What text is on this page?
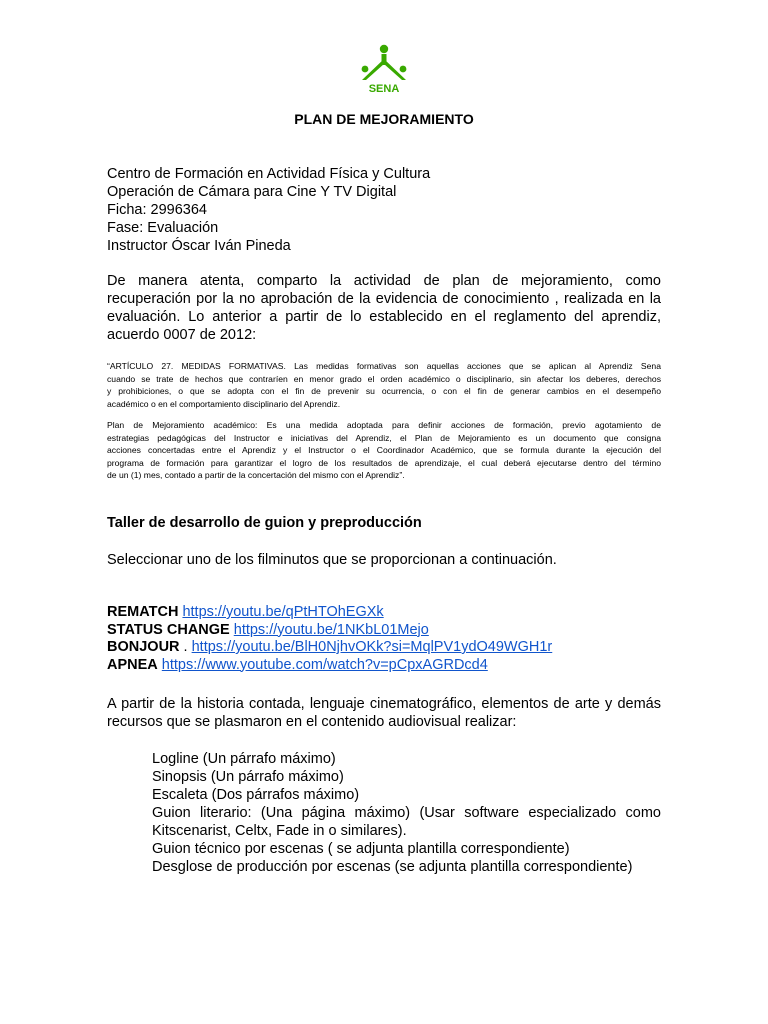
SENA
PLAN DE MEJORAMIENTO
Centro de Formación en Actividad Física y Cultura
Operación de Cámara para Cine Y TV Digital
Ficha: 2996364
Fase: Evaluación
Instructor Óscar Iván Pineda
De manera atenta, comparto la actividad de plan de mejoramiento, como
recuperación por la no aprobación de la evidencia de conocimiento , realizada en la
evaluación. Lo anterior a partir de lo establecido en el reglamento del aprendiz,
acuerdo 0007 de 2012:
“ARTÍCULO 27. MEDIDAS FORMATIVAS. Las medidas formativas son aquellas acciones que se aplican al Aprendiz Sena
cuando se trate de hechos que contraríen en menor grado el orden académico o disciplinario, sin afectar los deberes, derechos
y prohibiciones, o que se adopta con el fin de prevenir su ocurrencia, o con el fin de generar cambios en el desempeño
académico o en el comportamiento disciplinario del Aprendiz.
Plan de Mejoramiento académico: Es una medida adoptada para definir acciones de formación, previo agotamiento de
estrategias pedagógicas del Instructor e iniciativas del Aprendiz, el Plan de Mejoramiento es un documento que consigna
acciones concertadas entre el Aprendiz y el Instructor o el Coordinador Académico, que se formula durante la ejecución del
programa de formación para garantizar el logro de los resultados de aprendizaje, el cual deberá ejecutarse dentro del término
de un (1) mes, contado a partir de la concertación del mismo con el Aprendiz”.
Taller de desarrollo de guion y preproducción
Seleccionar uno de los filminutos que se proporcionan a continuación.
REMATCH https://youtu.be/qPtHTOhEGXk
STATUS CHANGE https://youtu.be/1NKbL01Mejo
BONJOUR . https://youtu.be/BlH0NjhvOKk?si=MqlPV1ydO49WGH1r
APNEA https://www.youtube.com/watch?v=pCpxAGRDcd4
A partir de la historia contada, lenguaje cinematográfico, elementos de arte y demás
recursos que se plasmaron en el contenido audiovisual realizar:
Logline (Un párrafo máximo)
Sinopsis (Un párrafo máximo)
Escaleta (Dos párrafos máximo)
Guion literario: (Una página máximo) (Usar software especializado como
Kitscenarist, Celtx, Fade in o similares).
Guion técnico por escenas ( se adjunta plantilla correspondiente)
Desglose de producción por escenas (se adjunta plantilla correspondiente)
